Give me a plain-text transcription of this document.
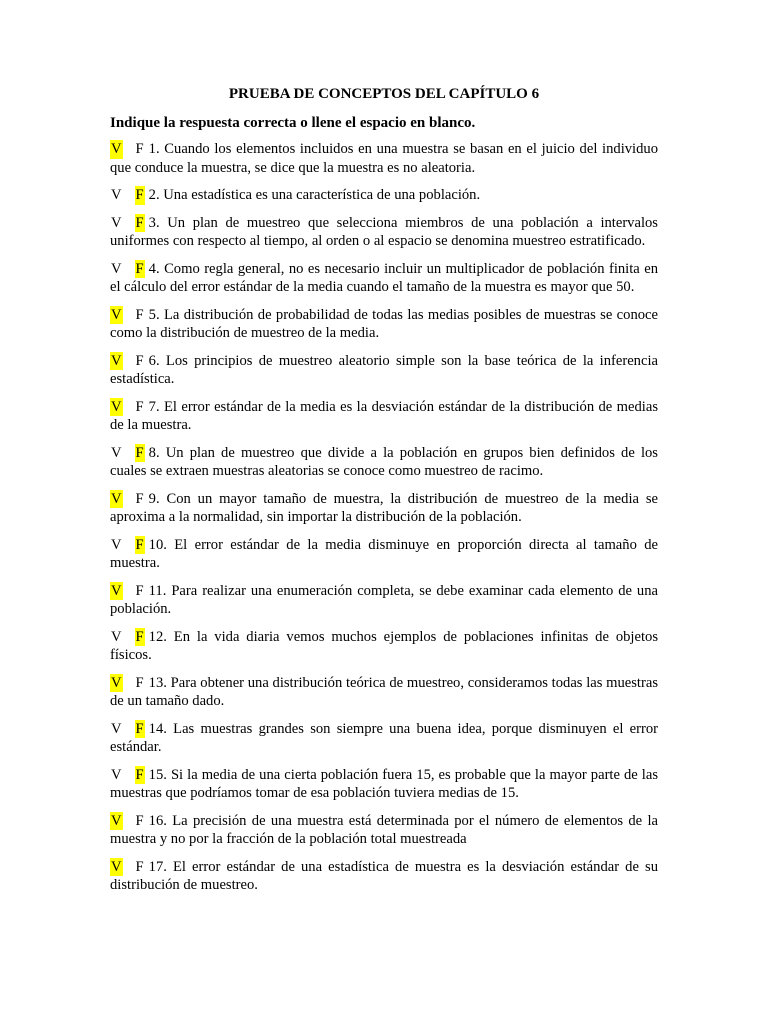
PRUEBA DE CONCEPTOS DEL CAPÍTULO 6
Indique la respuesta correcta o llene el espacio en blanco.
V F 1. Cuando los elementos incluidos en una muestra se basan en el juicio del individuo que conduce la muestra, se dice que la muestra es no aleatoria.
V F 2. Una estadística es una característica de una población.
V F 3. Un plan de muestreo que selecciona miembros de una población a intervalos uniformes con respecto al tiempo, al orden o al espacio se denomina muestreo estratificado.
V F 4. Como regla general, no es necesario incluir un multiplicador de población finita en el cálculo del error estándar de la media cuando el tamaño de la muestra es mayor que 50.
V F 5. La distribución de probabilidad de todas las medias posibles de muestras se conoce como la distribución de muestreo de la media.
V F 6. Los principios de muestreo aleatorio simple son la base teórica de la inferencia estadística.
V F 7. El error estándar de la media es la desviación estándar de la distribución de medias de la muestra.
V F 8. Un plan de muestreo que divide a la población en grupos bien definidos de los cuales se extraen muestras aleatorias se conoce como muestreo de racimo.
V F 9. Con un mayor tamaño de muestra, la distribución de muestreo de la media se aproxima a la normalidad, sin importar la distribución de la población.
V F 10. El error estándar de la media disminuye en proporción directa al tamaño de muestra.
V F 11. Para realizar una enumeración completa, se debe examinar cada elemento de una población.
V F 12. En la vida diaria vemos muchos ejemplos de poblaciones infinitas de objetos físicos.
V F 13. Para obtener una distribución teórica de muestreo, consideramos todas las muestras de un tamaño dado.
V F 14. Las muestras grandes son siempre una buena idea, porque disminuyen el error estándar.
V F 15. Si la media de una cierta población fuera 15, es probable que la mayor parte de las muestras que podríamos tomar de esa población tuviera medias de 15.
V F 16. La precisión de una muestra está determinada por el número de elementos de la muestra y no por la fracción de la población total muestreada
V F 17. El error estándar de una estadística de muestra es la desviación estándar de su distribución de muestreo.
